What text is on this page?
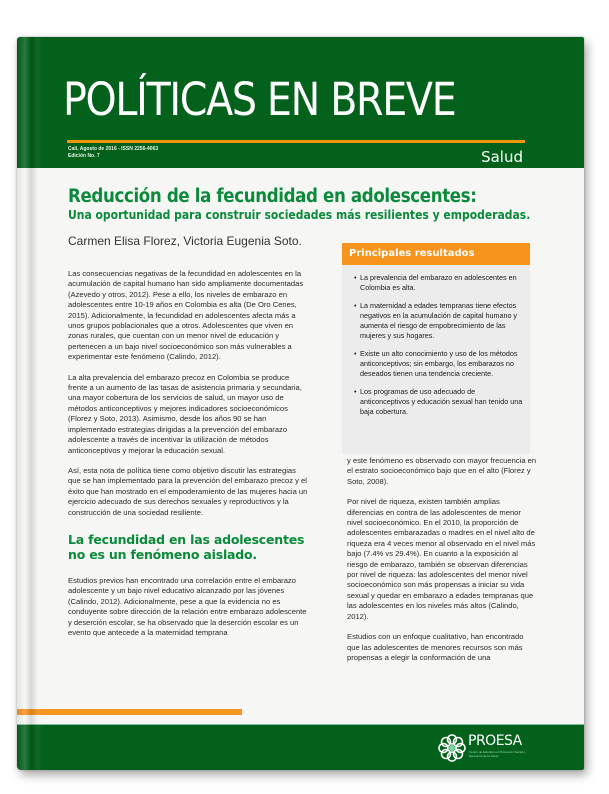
POLÍTICAS EN BREVE
Cali, Agosto de 2016 - ISSN 2256-4063
Edición No. 7	Salud
Reducción de la fecundidad en adolescentes:
Una oportunidad para construir sociedades más resilientes y empoderadas.
Carmen Elisa Florez, Victoria Eugenia Soto.

Las consecuencias negativas de la fecundidad en adolescentes en la acumulación de capital humano han sido ampliamente documentadas (Azevedo y otros, 2012). Pese a ello, los niveles de embarazo en adolescentes entre 10-19 años en Colombia es alta (De Oro Cenes, 2015). Adicionalmente, la fecundidad en adolescentes afecta más a unos grupos poblacionales que a otros. Adolescentes que viven en zonas rurales, que cuentan con un menor nivel de educación y pertenecen a un bajo nivel socioeconómico son más vulnerables a experimentar este fenómeno (Calindo, 2012).

La alta prevalencia del embarazo precoz en Colombia se produce frente a un aumento de las tasas de asistencia primaria y secundaria, una mayor cobertura de los servicios de salud, un mayor uso de métodos anticonceptivos y mejores indicadores socioeconómicos (Florez y Soto, 2013). Asimismo, desde los años 90 se han implementado estrategias dirigidas a la prevención del embarazo adolescente a través de incentivar la utilización de métodos anticonceptivos y mejorar la educación sexual.

Así, esta nota de política tiene como objetivo discutir las estrategias que se han implementado para la prevención del embarazo precoz y el éxito que han mostrado en el empoderamiento de las mujeres hacia un ejercicio adecuado de sus derechos sexuales y reproductivos y la construcción de una sociedad resiliente.

La fecundidad en las adolescentes no es un fenómeno aislado.

Estudios previos han encontrado una correlación entre el embarazo adolescente y un bajo nivel educativo alcanzado por las jóvenes (Calindo, 2012). Adicionalmente, pese a que la evidencia no es conduyente sobre dirección de la relación entre embarazo adolescente y deserción escolar, se ha observado que la deserción escolar es un evento que antecede a la maternidad temprana

Principales resultados
• La prevalencia del embarazo en adolescentes en Colombia es alta.
• La maternidad a edades tempranas tiene efectos negativos en la acumulación de capital humano y aumenta el riesgo de empobrecimiento de las mujeres y sus hogares.
• Existe un alto conocimiento y uso de los métodos anticonceptivos; sin embargo, los embarazos no deseados tienen una tendencia creciente.
• Los programas de uso adecuado de anticonceptivos y educación sexual han tenido una baja cobertura.

y este fenómeno es observado con mayor frecuencia en el estrato socioeconómico bajo que en el alto (Florez y Soto, 2008).

Por nivel de riqueza, existen también amplias diferencias en contra de las adolescentes de menor nivel socioeconómico. En el 2010, la proporción de adolescentes embarazadas o madres en el nivel alto de riqueza era 4 veces menor al observado en el nivel más bajo (7.4% vs 29.4%). En cuanto a la exposición al riesgo de embarazo, también se observan diferencias por nivel de riqueza: las adolescentes del menor nivel socioeconómico son más propensas a iniciar su vida sexual y quedar en embarazo a edades tempranas que las adolescentes en los niveles más altos (Calindo, 2012).

Estudios con un enfoque cualitativo, han encontrado que las adolescentes de menores recursos son más propensas a elegir la conformación de una

PROESA
Centro de Estudios en Protección Social y Economía de la Salud
